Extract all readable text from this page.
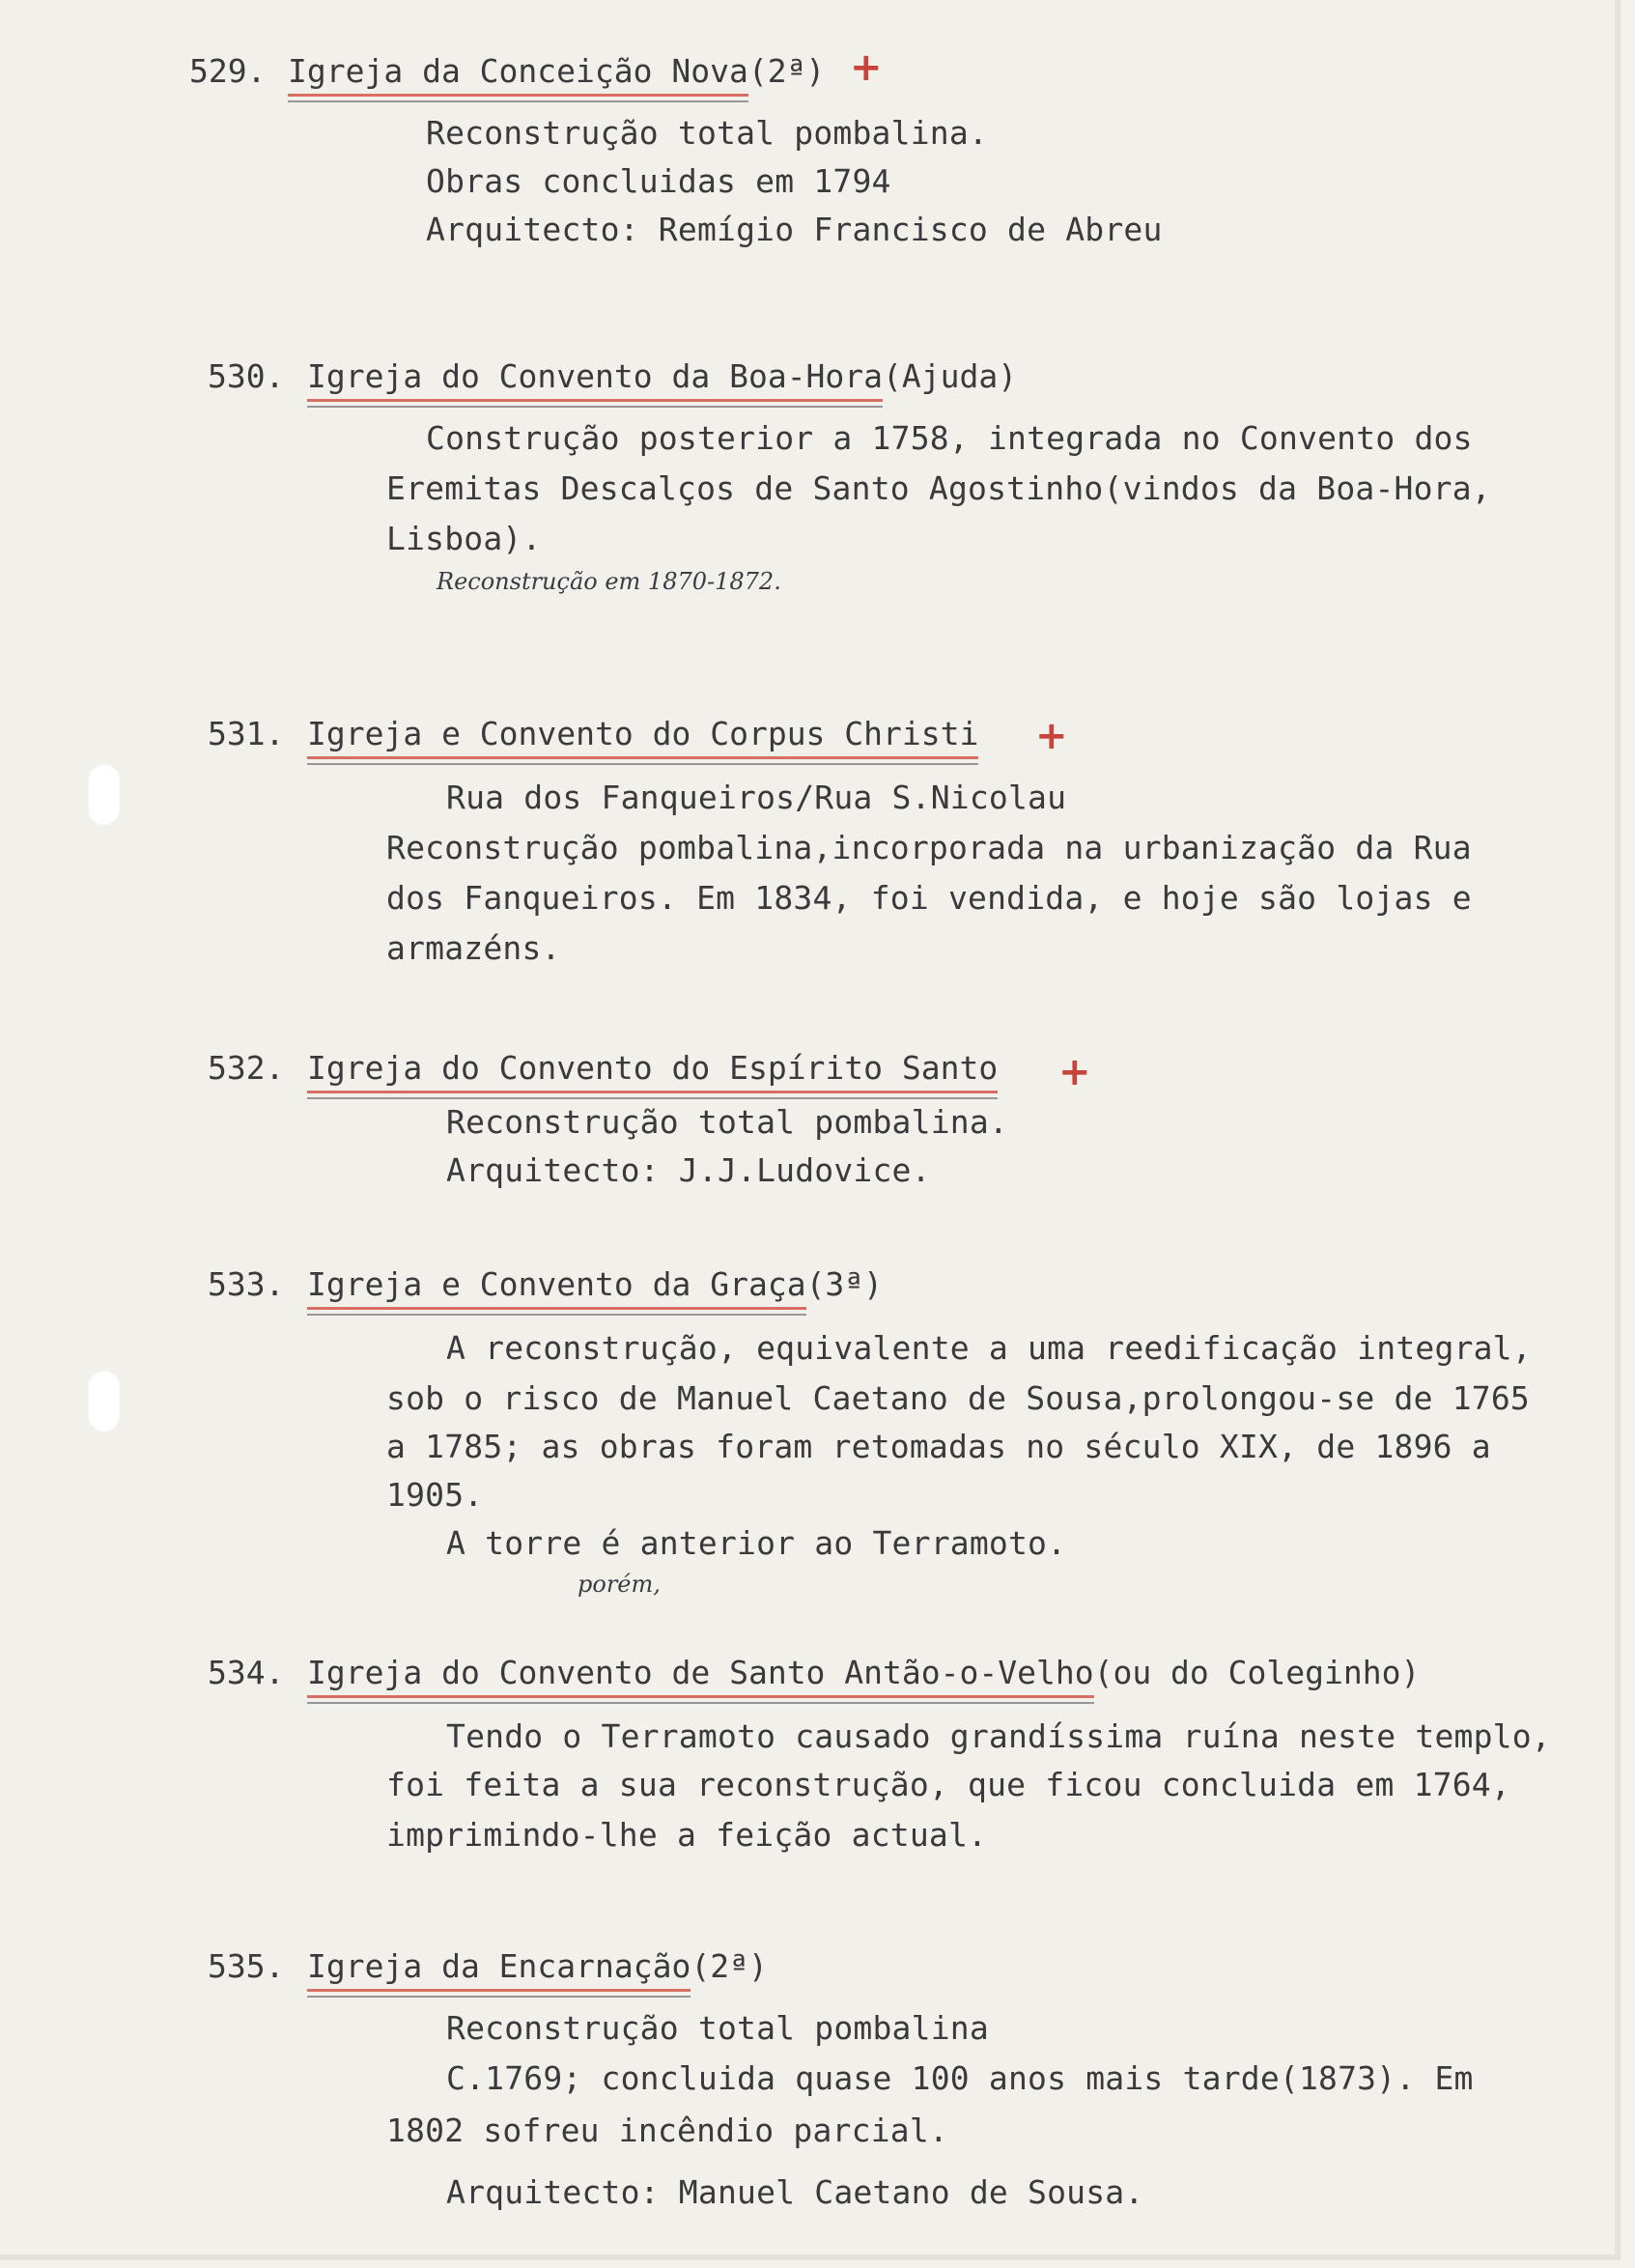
529. Igreja da Conceição Nova(2ª) +
Reconstrução total pombalina.
Obras concluidas em 1794
Arquitecto: Remígio Francisco de Abreu
530. Igreja do Convento da Boa-Hora(Ajuda)
Construção posterior a 1758, integrada no Convento dos
Eremitas Descalços de Santo Agostinho(vindos da Boa-Hora,
Lisboa).
Reconstrução em 1870-1872.
531. Igreja e Convento do Corpus Christi +
Rua dos Fanqueiros/Rua S.Nicolau
Reconstrução pombalina,incorporada na urbanização da Rua
dos Fanqueiros. Em 1834, foi vendida, e hoje são lojas e
armazéns.
532. Igreja do Convento do Espírito Santo +
Reconstrução total pombalina.
Arquitecto: J.J.Ludovice.
533. Igreja e Convento da Graça(3ª)
A reconstrução, equivalente a uma reedificação integral,
sob o risco de Manuel Caetano de Sousa,prolongou-se de 1765
a 1785; as obras foram retomadas no século XIX, de 1896 a
1905.
A torre é anterior ao Terramoto.
porém,
534. Igreja do Convento de Santo Antão-o-Velho(ou do Coleginho)
Tendo o Terramoto causado grandíssima ruína neste templo,
foi feita a sua reconstrução, que ficou concluida em 1764,
imprimindo-lhe a feição actual.
535. Igreja da Encarnação(2ª)
Reconstrução total pombalina
C.1769; concluida quase 100 anos mais tarde(1873). Em
1802 sofreu incêndio parcial.
Arquitecto: Manuel Caetano de Sousa.
